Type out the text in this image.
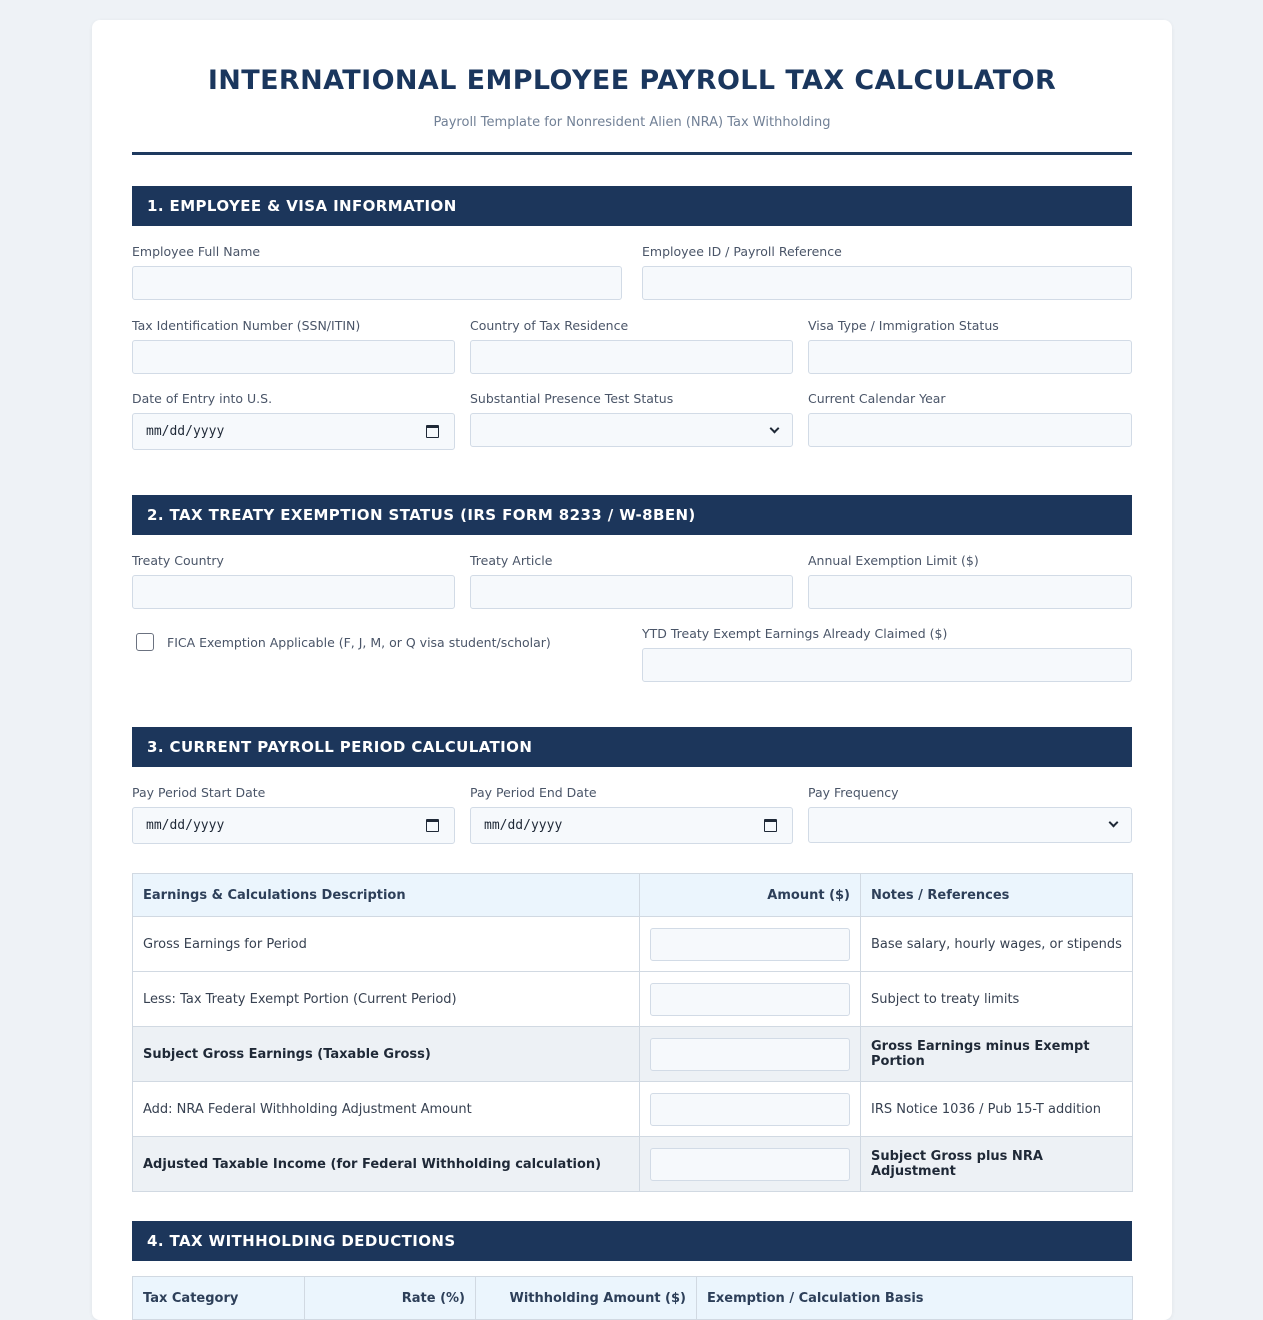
INTERNATIONAL EMPLOYEE PAYROLL TAX CALCULATOR
Payroll Template for Nonresident Alien (NRA) Tax Withholding
1. EMPLOYEE & VISA INFORMATION
Employee Full Name	Employee ID / Payroll Reference
Tax Identification Number (SSN/ITIN)	Country of Tax Residence	Visa Type / Immigration Status
Date of Entry into U.S.
mm/dd/yyyy
Substantial Presence Test Status	Current Calendar Year
2. TAX TREATY EXEMPTION STATUS (IRS FORM 8233 / W-8BEN)
Treaty Country	Treaty Article	Annual Exemption Limit ($)
FICA Exemption Applicable (F, J, M, or Q visa student/scholar)
YTD Treaty Exempt Earnings Already Claimed ($)
3. CURRENT PAYROLL PERIOD CALCULATION
Pay Period Start Date
mm/dd/yyyy
Pay Period End Date
mm/dd/yyyy
Pay Frequency
Earnings & Calculations Description	Amount ($)	Notes / References
Gross Earnings for Period		Base salary, hourly wages, or stipends
Less: Tax Treaty Exempt Portion (Current Period)		Subject to treaty limits
Subject Gross Earnings (Taxable Gross)		Gross Earnings minus Exempt Portion
Add: NRA Federal Withholding Adjustment Amount		IRS Notice 1036 / Pub 15-T addition
Adjusted Taxable Income (for Federal Withholding calculation)		Subject Gross plus NRA Adjustment
4. TAX WITHHOLDING DEDUCTIONS
Tax Category	Rate (%)	Withholding Amount ($)	Exemption / Calculation Basis
